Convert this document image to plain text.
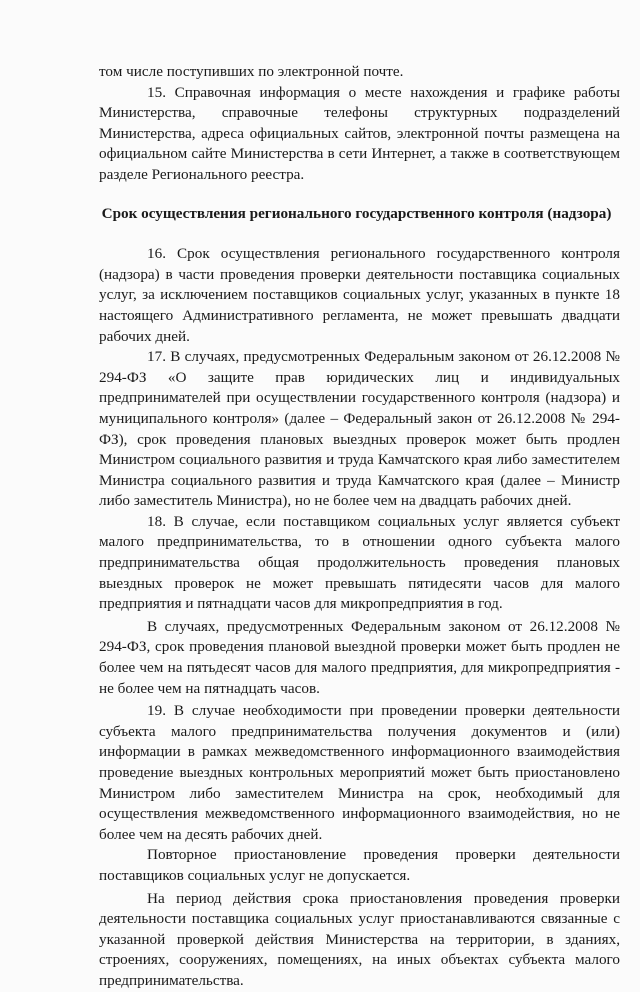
том числе поступивших по электронной почте.

15. Справочная информация о месте нахождения и графике работы Министерства, справочные телефоны структурных подразделений Министерства, адреса официальных сайтов, электронной почты размещена на официальном сайте Министерства в сети Интернет, а также в соответствующем разделе Регионального реестра.

Срок осуществления регионального государственного контроля (надзора)

16. Срок осуществления регионального государственного контроля (надзора) в части проведения проверки деятельности поставщика социальных услуг, за исключением поставщиков социальных услуг, указанных в пункте 18 настоящего Административного регламента, не может превышать двадцати рабочих дней.

17. В случаях, предусмотренных Федеральным законом от 26.12.2008 № 294-ФЗ «О защите прав юридических лиц и индивидуальных предпринимателей при осуществлении государственного контроля (надзора) и муниципального контроля» (далее – Федеральный закон от 26.12.2008 № 294-ФЗ), срок проведения плановых выездных проверок может быть продлен Министром социального развития и труда Камчатского края либо заместителем Министра социального развития и труда Камчатского края (далее – Министр либо заместитель Министра), но не более чем на двадцать рабочих дней.

18. В случае, если поставщиком социальных услуг является субъект малого предпринимательства, то в отношении одного субъекта малого предпринимательства общая продолжительность проведения плановых выездных проверок не может превышать пятидесяти часов для малого предприятия и пятнадцати часов для микропредприятия в год.

В случаях, предусмотренных Федеральным законом от 26.12.2008 № 294-ФЗ, срок проведения плановой выездной проверки может быть продлен не более чем на пятьдесят часов для малого предприятия, для микропредприятия - не более чем на пятнадцать часов.

19. В случае необходимости при проведении проверки деятельности субъекта малого предпринимательства получения документов и (или) информации в рамках межведомственного информационного взаимодействия проведение выездных контрольных мероприятий может быть приостановлено Министром либо заместителем Министра на срок, необходимый для осуществления межведомственного информационного взаимодействия, но не более чем на десять рабочих дней.

Повторное приостановление проведения проверки деятельности поставщиков социальных услуг не допускается.

На период действия срока приостановления проведения проверки деятельности поставщика социальных услуг приостанавливаются связанные с указанной проверкой действия Министерства на территории, в зданиях, строениях, сооружениях, помещениях, на иных объектах субъекта малого предпринимательства.
